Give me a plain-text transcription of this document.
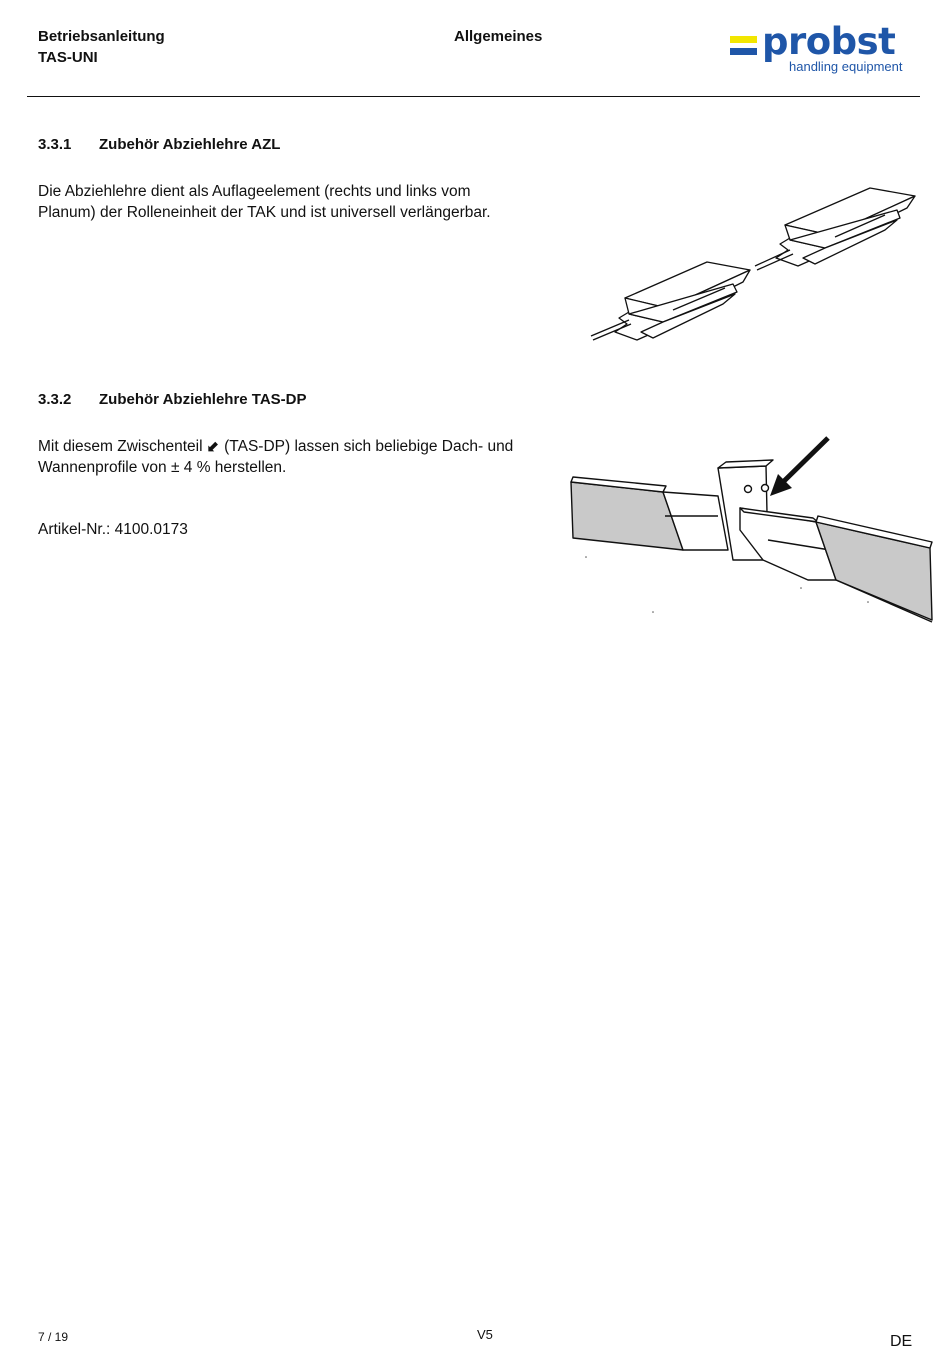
Betriebsanleitung
TAS-UNI
Allgemeines	probst
handling equipment
3.3.1 Zubehör Abziehlehre AZL
Die Abziehlehre dient als Auflageelement (rechts und links vom
Planum) der Rolleneinheit der TAK und ist universell verlängerbar.
3.3.2 Zubehör Abziehlehre TAS-DP
Mit diesem Zwischenteil ⬋ (TAS-DP) lassen sich beliebige Dach- und
Wannenprofile von ± 4 % herstellen.
Artikel-Nr.: 4100.0173
7 / 19	V5	DE
